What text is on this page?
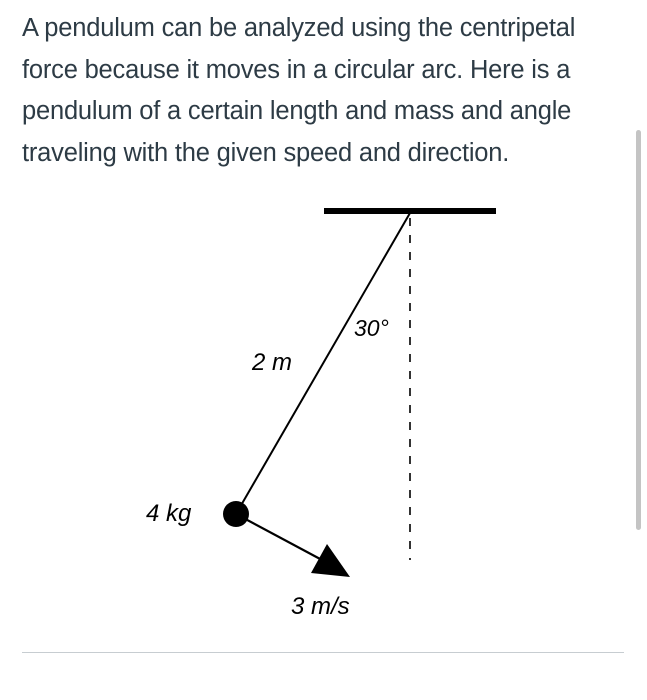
A pendulum can be analyzed using the centripetal force because it moves in a circular arc. Here is a pendulum of a certain length and mass and angle traveling with the given speed and direction.

2 m
30°
4 kg
3 m/s
